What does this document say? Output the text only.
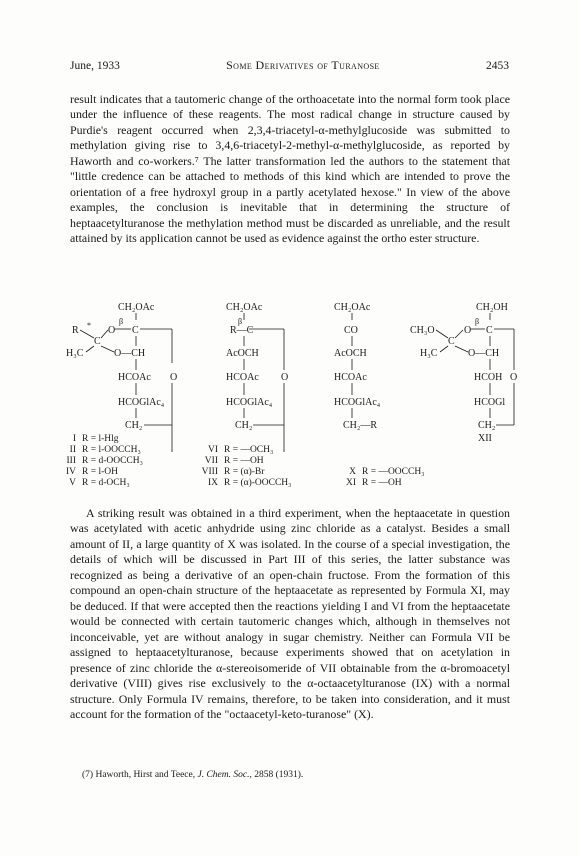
June, 1933	Some Derivatives of Turanose	2453

result indicates that a tautomeric change of the orthoacetate into the normal form took place under the influence of these reagents. The most radical change in structure caused by Purdie's reagent occurred when 2,3,4-triacetyl-α-methylglucoside was submitted to methylation giving rise to 3,4,6-triacetyl-2-methyl-α-methylglucoside, as reported by Haworth and co-workers.⁷ The latter transformation led the authors to the statement that "little credence can be attached to methods of this kind which are intended to prove the orientation of a free hydroxyl group in a partly acetylated hexose." In view of the above examples, the conclusion is inevitable that in determining the structure of heptaacetylturanose the methylation method must be discarded as unreliable, and the result attained by its application cannot be used as evidence against the ortho ester structure.

CH₂OAc
R * O
β
C
C
H₃C	O—CH
HCOAc O
HCOGlAc₄
CH₂
CH₂OAc
R—C
β
AcOCH
HCOAc O
HCOGlAc₄
CH₂
CH₂OAc
CO
AcOCH
HCOAc
HCOGlAc₄
CH₂—R
CH₂OH
CH₃O	O
β
C
C
H₃C	O—CH
HCOH O
HCOGl
CH₂
XII
I R = l-Hlg
II R = l-OOCCH₃
III R = d-OOCCH₃
IV R = l-OH
V R = d-OCH₃
VI R = —OCH₃
VII R = —OH
VIII R = (α)-Br
IX R = (α)-OOCCH₃
X R = —OOCCH₃
XI R = —OH

A striking result was obtained in a third experiment, when the heptaacetate in question was acetylated with acetic anhydride using zinc chloride as a catalyst. Besides a small amount of II, a large quantity of X was isolated. In the course of a special investigation, the details of which will be discussed in Part III of this series, the latter substance was recognized as being a derivative of an open-chain fructose. From the formation of this compound an open-chain structure of the heptaacetate as represented by Formula XI, may be deduced. If that were accepted then the reactions yielding I and VI from the heptaacetate would be connected with certain tautomeric changes which, although in themselves not inconceivable, yet are without analogy in sugar chemistry. Neither can Formula VII be assigned to heptaacetylturanose, because experiments showed that on acetylation in presence of zinc chloride the α-stereoisomeride of VII obtainable from the α-bromoacetyl derivative (VIII) gives rise exclusively to the α-octaacetylturanose (IX) with a normal structure. Only Formula IV remains, therefore, to be taken into consideration, and it must account for the formation of the "octaacetyl-keto-turanose" (X).

(7) Haworth, Hirst and Teece, J. Chem. Soc., 2858 (1931).
